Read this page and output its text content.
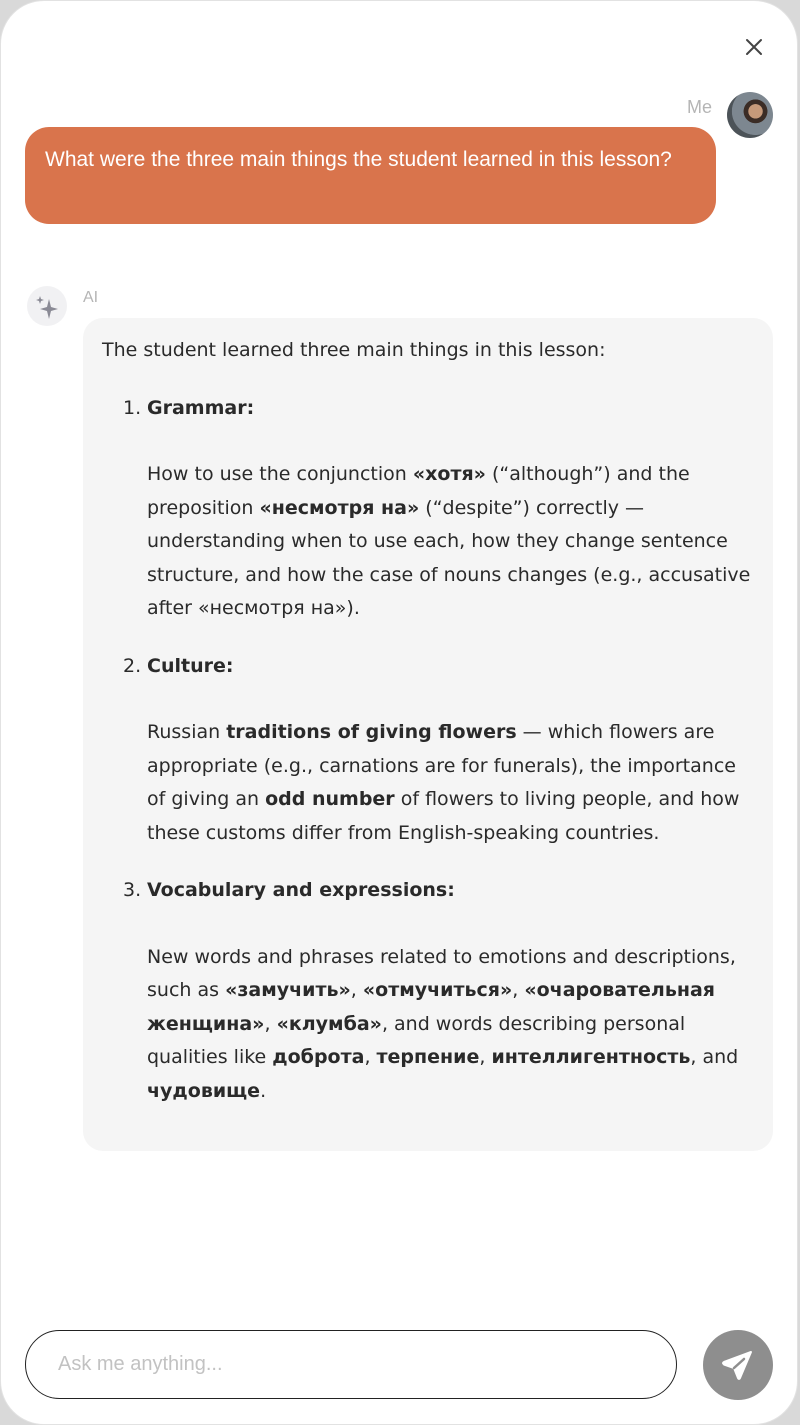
Me
What were the three main things the student learned in this lesson?
AI

The student learned three main things in this lesson:

1. Grammar:
How to use the conjunction «хотя» (“although”) and the preposition «несмотря на» (“despite”) correctly — understanding when to use each, how they change sentence structure, and how the case of nouns changes (e.g., accusative after «несмотря на»).
2. Culture:
Russian traditions of giving flowers — which flowers are appropriate (e.g., carnations are for funerals), the importance of giving an odd number of flowers to living people, and how these customs differ from English-speaking countries.
3. Vocabulary and expressions:
New words and phrases related to emotions and descriptions, such as «замучить», «отмучиться», «очаровательная женщина», «клумба», and words describing personal qualities like доброта, терпение, интеллигентность, and чудовище.
Ask me anything...
